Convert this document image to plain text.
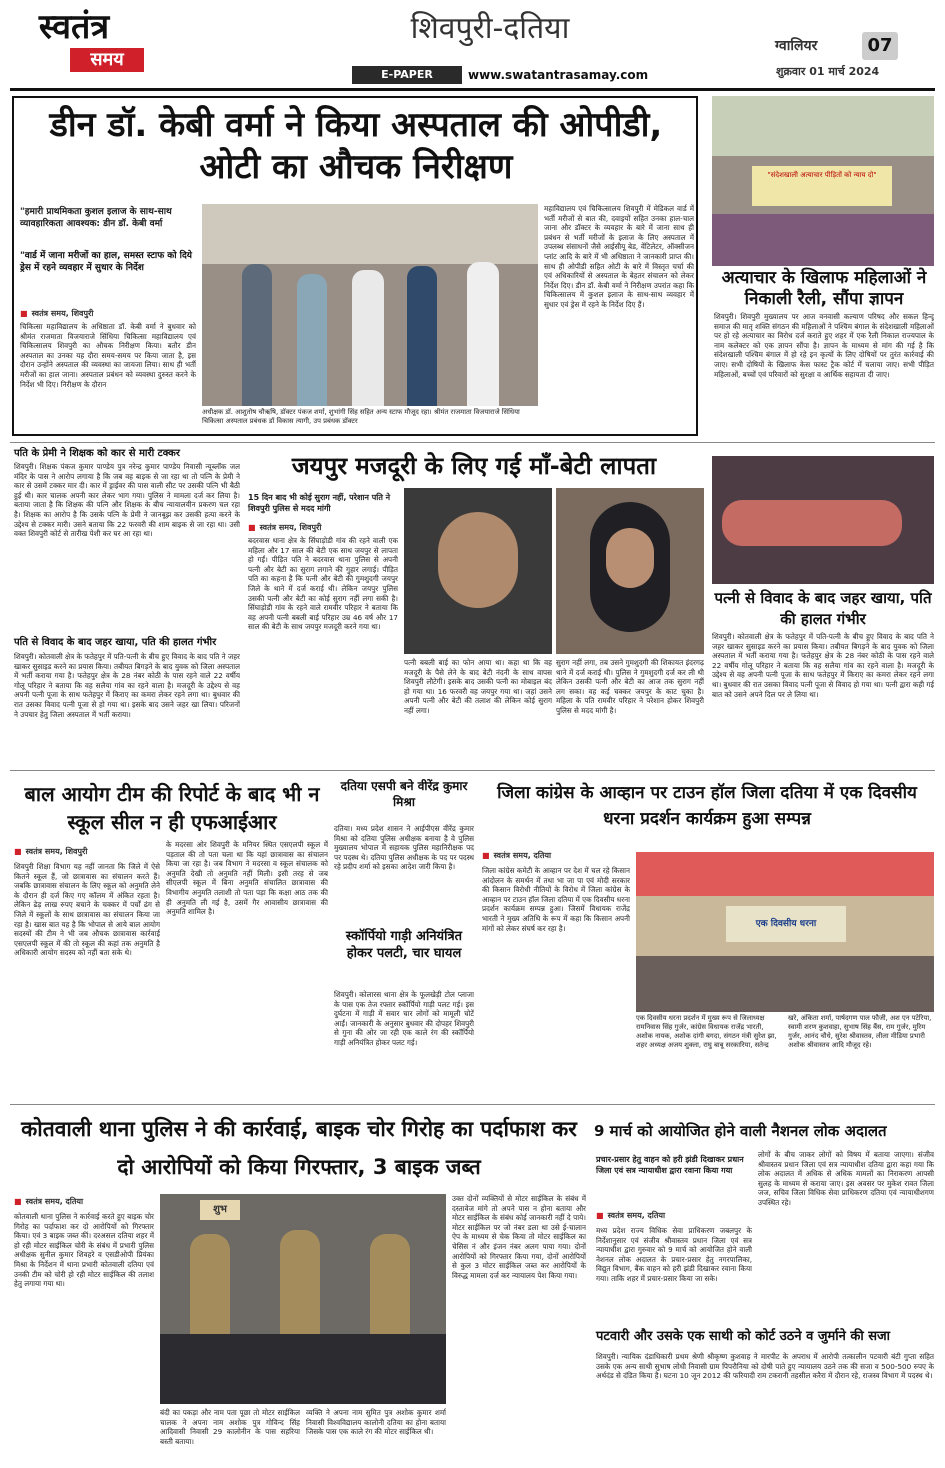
स्वतंत्र
समय
शिवपुरी-दतिया
E-PAPER	www.swatantrasamay.com
ग्वालियर	07
शुक्रवार 01 मार्च 2024
डीन डॉ. केबी वर्मा ने किया अस्पताल की ओपीडी, ओटी का औचक निरीक्षण
"हमारी प्राथमिकता कुशल इलाज के साथ-साथ व्यावहारिकता आवश्यक: डीन डॉ. केबी वर्मा
"वार्ड में जाना मरीजों का हाल, समस्त स्टाफ को दिये ड्रेस में रहने व्यवहार में सुधार के निर्देश
■ स्वतंत्र समय, शिवपुरी
चिकित्सा महाविद्यालय के अधिष्ठाता डॉ. केबी वर्मा ने बुधवार को श्रीमंत राजमाता विजयाराजे सिंधिया चिकित्सा महाविद्यालय एवं चिकित्सालय शिवपुरी का औचक निरीक्षण किया। बतौर डीन अस्पताल का उनका यह दौरा समय-समय पर किया जाता है, इस दौरान उन्होंने अस्पताल की व्यवस्था का जायजा लिया। साथ ही भर्ती मरीजों का हाल जाना। अस्पताल प्रबंधन को व्यवस्था दुरुस्त करने के निर्देश भी दिए। निरीक्षण के दौरान
अधीक्षक डॉ. आशुतोष चौऋषि, डॉक्टर पंकज शर्मा, शुभांगी सिंह सहित अन्य स्टाफ मौजूद रहा। श्रीमंत राजमाता विजयाराजे सिंधिया चिकित्सा अस्पताल प्रबंधक डॉ विकास त्यागी, उप प्रबंधक डॉक्टर
महाविद्यालय एवं चिकित्सालय शिवपुरी में मेडिकल वार्ड में भर्ती मरीजों से बात की, दवाइयों सहित उनका हाल-चाल जाना और डॉक्टर के व्यवहार के बारे में जाना साथ ही प्रबंधन से भर्ती मरीजों के इलाज के लिए अस्पताल में उपलब्ध संसाधनों जैसे आईसीयू बेड, वेंटिलेटर, ऑक्सीजन प्लांट आदि के बारे में भी अधिष्ठाता ने जानकारी प्राप्त की। साथ ही ओपीडी सहित ओटी के बारे में विस्तृत चर्चा की एवं अधिकारियों से अस्पताल के बेहतर संचालन को लेकर निर्देश दिए। डीन डॉ. केबी वर्मा ने निरीक्षण उपरांत कहा कि चिकित्सालय में कुशल इलाज के साथ-साथ व्यवहार में सुधार एवं ड्रेस में रहने के निर्देश दिए हैं।
"संदेशखाली अत्याचार पीड़ितों को न्याय दो"
अत्याचार के खिलाफ महिलाओं ने निकाली रैली, सौंपा ज्ञापन
शिवपुरी। शिवपुरी मुख्यालय पर आज वनवासी कल्याण परिषद और सकल हिन्दू समाज की मातृ शक्ति संगठन की महिलाओं ने पश्चिम बंगाल के संदेशखाली महिलाओं पर हो रहे अत्याचार का विरोध दर्ज कराते हुए शहर में एक रैली निकाल राज्यपाल के नाम कलेक्टर को एक ज्ञापन सौंपा है। ज्ञापन के माध्यम से मांग की गई है कि संदेशखाली पश्चिम बंगाल में हो रहे इन कृत्यों के लिए दोषियों पर तुरंत कार्रवाई की जाए। सभी दोषियों के खिलाफ केस फास्ट ट्रैक कोर्ट में चलाया जाए। सभी पीड़ित महिलाओं, बच्चों एवं परिवारों को सुरक्षा व आर्थिक सहायता दी जाए।
पति के प्रेमी ने शिक्षक को कार से मारी टक्कर
शिवपुरी। शिक्षक पंकज कुमार पाण्डेय पुत्र नरेन्द्र कुमार पाण्डेय निवासी न्यूब्लॉक जल मंदिर के पास ने आरोप लगाया है कि जब वह बाइक से जा रहा था तो पत्नि के प्रेमी ने कार से उसमें टक्कर मार दी। कार में ड्राईवर की पास वाली सीट पर उसकी पत्नि भी बैठी हुई थी। कार चालक अपनी कार लेकर भाग गया। पुलिस ने मामला दर्ज कर लिया है। बताया जाता है कि शिक्षक की पत्नि और शिक्षक के बीच न्यायालयीन प्रकरण चल रहा है। शिक्षक का आरोप है कि उसके पत्नि के प्रेमी ने जानबूझ कर उसकी हत्या करने के उद्देश्य से टक्कर मारी। उसने बताया कि 22 फरवरी की शाम बाइक से जा रहा था। उसी वक्त शिवपुरी कोर्ट से तारीख पेशी कर घर आ रहा था।
पति से विवाद के बाद जहर खाया, पति की हालत गंभीर
शिवपुरी। कोतवाली क्षेत्र के फतेहपुर में पति-पत्नी के बीच हुए विवाद के बाद पति ने जहर खाकर सुसाइड करने का प्रयास किया। तबीयत बिगड़ने के बाद युवक को जिला अस्पताल में भर्ती कराया गया है। फतेहपुर क्षेत्र के 28 नंबर कोठी के पास रहने वाले 22 वर्षीय गोलू परिहार ने बताया कि वह सलैया गांव का रहने वाला है। मजदूरी के उद्देश्य से वह अपनी पत्नी पूजा के साथ फतेहपुर में किराए का कमरा लेकर रहने लगा था। बुधवार की रात उसका विवाद पत्नी पूजा से हो गया था। इसके बाद उसने जहर खा लिया। परिजनों ने उपचार हेतु जिला अस्पताल में भर्ती कराया।
जयपुर मजदूरी के लिए गई माँ-बेटी लापता
15 दिन बाद भी कोई सुराग नहीं, परेशान पति ने शिवपुरी पुलिस से मदद मांगी
■ स्वतंत्र समय, शिवपुरी
बदरवास थाना क्षेत्र के सिंघाड़ोडी गांव की रहने वाली एक महिला और 17 साल की बेटी एक साथ जयपुर से लापता हो गईं। पीड़ित पति ने बदरवास थाना पुलिस से अपनी पत्नी और बेटी का सुराग लगाने की गुहार लगाई। पीड़ित पति का कहना है कि पत्नी और बेटी की गुमशुदगी जयपुर जिले के थाने में दर्ज कराई थी। लेकिन जयपुर पुलिस उसकी पत्नी और बेटी का कोई सुराग नहीं लगा सकी है। सिंघाड़ोडी गांव के रहने वाले रामवीर परिहार ने बताया कि वह अपनी पत्नी बबली बाई परिहार उम्र 46 वर्ष और 17 साल की बेटी के साथ जयपुर मजदूरी करने गया था।
पत्नी बबली बाई का फोन आया था। कहा था कि वह मजदूरी के पैसे लेने के बाद बेटी नंदनी के साथ वापस शिवपुरी लौटेगी। इसके बाद उसकी पत्नी का मोबाइल बंद हो गया था। 16 फरवरी वह जयपुर गया था। जहां उसने अपनी पत्नी और बेटी की तलाश की लेकिन कोई सुराग नहीं लगा।
सुराग नहीं लगा, तब उसने गुमशुदगी की शिकायत इंदरगढ़ थाने में दर्ज कराई थी। पुलिस ने गुमशुदगी दर्ज कर ली थी लेकिन उसकी पत्नी और बेटी का आज तक सुराग नहीं लग सका। वह कई चक्कर जयपुर के काट चुका है। महिला के पति रामवीर परिहार ने परेशान होकर शिवपुरी पुलिस से मदद मांगी है।
पत्नी से विवाद के बाद जहर खाया, पति की हालत गंभीर
शिवपुरी। कोतवाली क्षेत्र के फतेहपुर में पति-पत्नी के बीच हुए विवाद के बाद पति ने जहर खाकर सुसाइड करने का प्रयास किया। तबीयत बिगड़ने के बाद युवक को जिला अस्पताल में भर्ती कराया गया है। फतेहपुर क्षेत्र के 28 नंबर कोठी के पास रहने वाले 22 वर्षीय गोलू परिहार ने बताया कि वह सलैया गांव का रहने वाला है। मजदूरी के उद्देश्य से वह अपनी पत्नी पूजा के साथ फतेहपुर में किराए का कमरा लेकर रहने लगा था। बुधवार की रात उसका विवाद पत्नी पूजा से विवाद हो गया था। पत्नी द्वारा कही गई बात को उसने अपने दिल पर ले लिया था।
बाल आयोग टीम की रिपोर्ट के बाद भी न स्कूल सील न ही एफआईआर
■ स्वतंत्र समय, शिवपुरी
शिवपुरी शिक्षा विभाग यह नहीं जानता कि जिले में ऐसे कितने स्कूल हैं, जो छात्रावास का संचालन करते हैं। जबकि छात्रावास संचालन के लिए स्कूल को अनुमति लेने के दौरान ही दर्ज किए गए कॉलम में अंकित रहता है। लेकिन ढेड़ लाख रुपए बचाने के चक्कर में पर्चों ढंग से जिले में स्कूलों के साथ छात्रावास का संचालन किया जा रहा है। खास बात यह है कि भोपाल से आये बाल आयोग सदस्यों की टीम ने भी जब औचक छात्रावास कार्रवाई एसएलपी स्कूल में की तो स्कूल की कहां तक अनुमति है अधिकारी आयोग सदस्य को नहीं बता सके थे।
के मदरसा ओर शिवपुरी के मनियर स्थित एसएलपी स्कूल में पड़ताल की तो पता चला था कि यहां छात्रावास का संचालन किया जा रहा है। जब विभाग ने मदरसा व स्कूल संचालक को अनुमति देखी तो अनुमति नहीं मिली। इसी तरह से जब सीएलपी स्कूल में बिना अनुमति संचालित छात्रावास की विभागीय अनुमति तलाशी तो पता पड़ा कि कक्षा आठ तक की ही अनुमति ली गई है, उसमें गैर आवासीय छात्रावास की अनुमति शामिल है।
दतिया एसपी बने वीरेंद्र कुमार मिश्रा
दतिया। मध्य प्रदेश शासन ने आईपीएस वीरेंद्र कुमार मिश्रा को दतिया पुलिस अधीक्षक बनाया है वे पुलिस मुख्यालय भोपाल में सहायक पुलिस महानिरीक्षक पद पर पदस्थ थे। दतिया पुलिस अधीक्षक के पद पर पदस्थ रहे प्रदीप शर्मा को इसका आदेश जारी किया है।
स्कॉर्पियो गाड़ी अनियंत्रित होकर पलटी, चार घायल
शिवपुरी। कोलारस थाना क्षेत्र के फूलखेड़ी टोल प्लाजा के पास एक तेज रफ्तार स्कॉर्पियो गाड़ी पलट गई। इस दुर्घटना में गाड़ी में सवार चार लोगों को मामूली चोटें आईं। जानकारी के अनुसार बुधवार की दोपहर शिवपुरी से गुना की ओर जा रही एक काले रंग की स्कॉर्पियो गाड़ी अनियंत्रित होकर पलट गई।
जिला कांग्रेस के आव्हान पर टाउन हॉल जिला दतिया में एक दिवसीय धरना प्रदर्शन कार्यक्रम हुआ सम्पन्न
■ स्वतंत्र समय, दतिया
जिला कांग्रेस कमेटी के आव्हान पर देश में चल रहे किसान आंदोलन के समर्थन में तथा भा जा पा एवं मोदी सरकार की किसान विरोधी नीतियों के विरोध में जिला कांग्रेस के आव्हान पर टाउन हॉल जिला दतिया में एक दिवसीय धरना प्रदर्शन कार्यक्रम सम्पन्न हुआ। जिसमें विधायक राजेंद्र भारती ने मुख्य अतिथि के रूप में कहा कि किसान अपनी मांगों को लेकर संघर्ष कर रहा है।	एक दिवसीय धरना
एक दिवसीय धरना प्रदर्शन में मुख्य रूप से जिलाध्यक्ष रामनिवास सिंह गुर्जर, कांग्रेस विधायक राजेंद्र भारती, अशोक नायक, अशोक दांगी बगदा, संगठन मंत्री सुरेश झा, शहर अध्यक्ष अजय शुक्ला, राघु बाबू सरकारिया, सतेन्द्र
खरे, अंकिता शर्मा, पार्षदगण पाल फौजी, अश एन पटेरिया, स्वामी शरण कुशवाहा, सुभाष सिंह बैंस, राम गुर्जर, मुरिम गुर्जर, आनंद चौधे, सुरेश श्रीवास्तव, लीला मीडिया प्रभारी अशोक श्रीवास्तव आदि मौजूद रहे।
कोतवाली थाना पुलिस ने की कार्रवाई, बाइक चोर गिरोह का पर्दाफाश कर दो आरोपियों को किया गिरफ्तार, 3 बाइक जब्त
■ स्वतंत्र समय, दतिया
कोतवाली थाना पुलिस ने कार्रवाई करते हुए बाइक चोर गिरोह का पर्दाफाश कर दो आरोपियों को गिरफ्तार किया। एवं 3 बाइक जब्त कीं। दरअसल दतिया शहर में हो रही मोटर साईकिल चोरी के संबंध में प्रभारी पुलिस अधीक्षक सुनील कुमार शिवहरे व एसडीओपी प्रियंका मिश्रा के निर्देशन में थाना प्रभारी कोतवाली दतिया एवं उनकी टीम को चोरी हो रही मोटर साईकिल की तलाश हेतु लगाया गया था।
शुभ
बंदी का पकड़ा और नाम पता पूछा तो मोटर साईकिल चालक ने अपना नाम अशोक पुत्र गोविन्द सिंह आदिवासी निवासी 29 कालोनीन के पास सहरिया बस्ती बताया।
व्यक्ति ने अपना नाम सुमित पुत्र अशोक कुमार शर्मा निवासी विश्वविद्यालय कालोनी दतिया का होना बताया जिसके पास एक काले रंग की मोटर साईकिल थी।
उक्त दोनों व्यक्तियों से मोटर साईकिल के संबंध में दस्तावेज मांगे तो अपने पास न होना बताया और मोटर साईकिल के संबंध कोई जानकारी नहीं दे पाये। मोटर साईकिल पर जो नंबर डला था उसे ई-चालान ऐप के माध्यम से चेक किया तो मोटर साईकिल का चेसिस नं और इंजन नंबर अलग पाया गया। दोनों आरोपियों को गिरफ्तार किया गया, दोनों आरोपियों से कुल 3 मोटर साईकिल जब्त कर आरोपियों के विरुद्ध मामला दर्ज कर न्यायालय पेश किया गया।
9 मार्च को आयोजित होने वाली नैशनल लोक अदालत
प्रचार-प्रसार हेतु वाहन को हरी झंडी दिखाकर प्रधान जिला एवं सत्र न्यायाधीश द्वारा रवाना किया गया
■ स्वतंत्र समय, दतिया
मध्य प्रदेश राज्य विधिक सेवा प्राधिकरण जबलपुर के निर्देशानुसार एवं संजीव श्रीवास्तव प्रधान जिला एवं सत्र न्यायाधीश द्वारा गुरुवार को 9 मार्च को आयोजित होने वाली नेशनल लोक अदालत के प्रचार-प्रसार हेतु नगरपालिका, विद्युत विभाग, बैंक वाहन को हरी झंडी दिखाकर रवाना किया गया। ताकि शहर में प्रचार-प्रसार किया जा सके।
लोगों के बीच जाकर लोगों को विषय में बताया जाएगा। संजीव श्रीवास्तव प्रधान जिला एवं सत्र न्यायाधीश दतिया द्वारा कहा गया कि लोक अदालत में अधिक से अधिक मामलों का निराकरण आपसी सुलह के माध्यम से कराया जाए। इस अवसर पर मुकेश रावत जिला जज, सचिव जिला विधिक सेवा प्राधिकरण दतिया एवं न्यायाधीशगण उपस्थित रहे।
पटवारी और उसके एक साथी को कोर्ट उठने व जुर्माने की सजा
शिवपुरी। न्यायिक दंडाधिकारी प्रथम श्रेणी श्रीकृष्ण कुशवाह ने मारपीट के अपराध में आरोपी तत्कालीन पटवारी बंटी गुप्ता सहित उसके एक अन्य साथी सुभाष लोधी निवासी ग्राम पिपरौनिया को दोषी पाते हुए न्यायालय उठने तक की सजा व 500-500 रुपए के अर्थदंड से दंडित किया है। घटना 10 जून 2012 की फरियादी राम टकरानी तहसील करैरा में दौरान रहे, राजस्व विभाग में पदस्थ थे।
